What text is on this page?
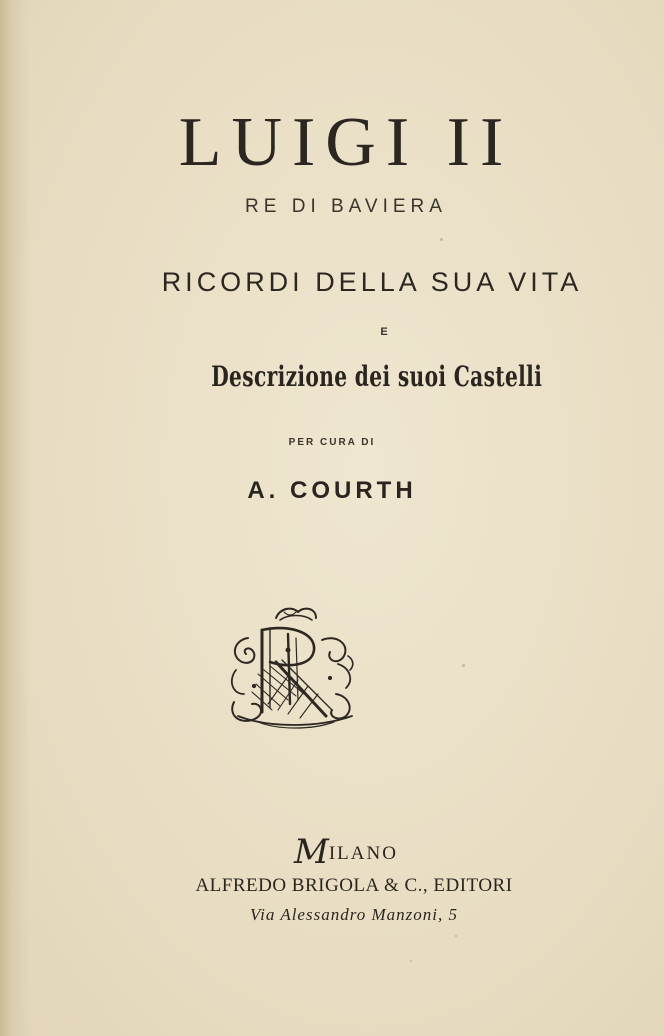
LUIGI II
RE DI BAVIERA
RICORDI DELLA SUA VITA
E
Descrizione dei suoi Castelli
PER CURA DI
A. COURTH
MILANO
ALFREDO BRIGOLA & C., EDITORI
Via Alessandro Manzoni, 5
